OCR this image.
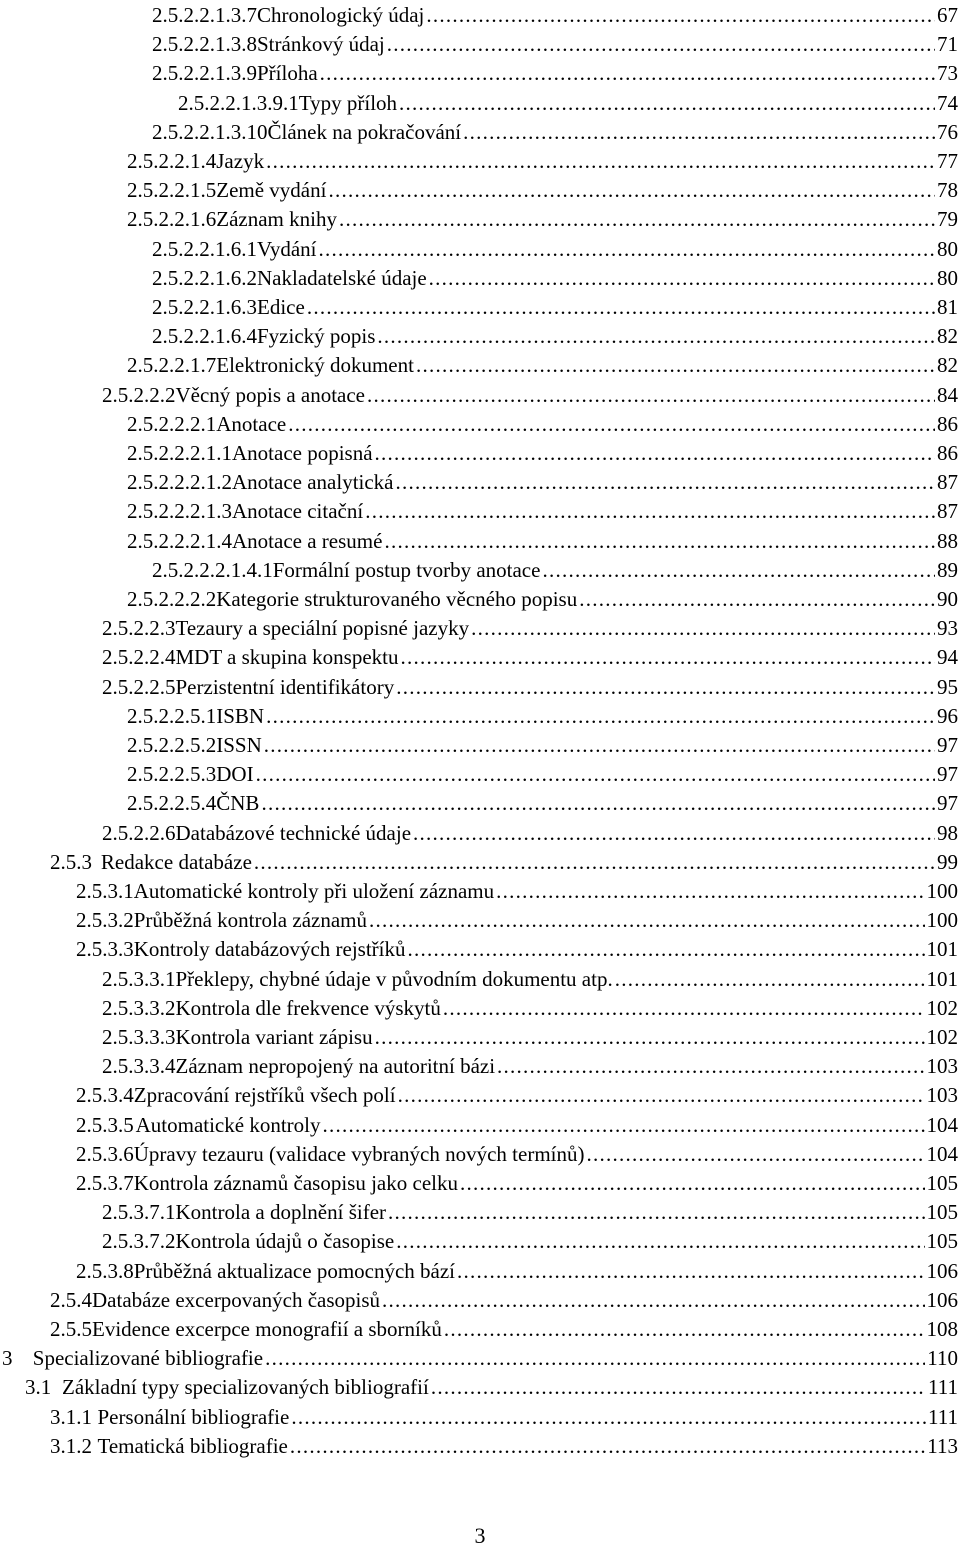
2.5.2.2.1.3.7 Chronologický údaj . . .	67
2.5.2.2.1.3.8 Stránkový údaj . . .	71
2.5.2.2.1.3.9 Příloha . . .	73
2.5.2.2.1.3.9.1 Typy příloh . . .	74
2.5.2.2.1.3.10 Článek na pokračování . . .	76
2.5.2.2.1.4 Jazyk . . .	77
2.5.2.2.1.5 Země vydání . . .	78
2.5.2.2.1.6 Záznam knihy . . .	79
2.5.2.2.1.6.1 Vydání . . .	80
2.5.2.2.1.6.2 Nakladatelské údaje . . .	80
2.5.2.2.1.6.3 Edice . . .	81
2.5.2.2.1.6.4 Fyzický popis . . .	82
2.5.2.2.1.7 Elektronický dokument . . .	82
2.5.2.2.2 Věcný popis a anotace . . .	84
2.5.2.2.2.1 Anotace . . .	86
2.5.2.2.2.1.1 Anotace popisná . . .	86
2.5.2.2.2.1.2 Anotace analytická . . .	87
2.5.2.2.2.1.3 Anotace citační . . .	87
2.5.2.2.2.1.4 Anotace a resumé . . .	88
2.5.2.2.2.1.4.1 Formální postup tvorby anotace . . .	89
2.5.2.2.2.2 Kategorie strukturovaného věcného popisu . . .	90
2.5.2.2.3 Tezaury a speciální popisné jazyky . . .	93
2.5.2.2.4 MDT a skupina konspektu . . .	94
2.5.2.2.5 Perzistentní identifikátory . . .	95
2.5.2.2.5.1 ISBN . . .	96
2.5.2.2.5.2 ISSN . . .	97
2.5.2.2.5.3 DOI . . .	97
2.5.2.2.5.4 ČNB . . .	97
2.5.2.2.6 Databázové technické údaje . . .	98
2.5.3 Redakce databáze . . .	99
2.5.3.1 Automatické kontroly při uložení záznamu . . .	100
2.5.3.2 Průběžná kontrola záznamů . . .	100
2.5.3.3 Kontroly databázových rejstříků . . .	101
2.5.3.3.1 Překlepy, chybné údaje v původním dokumentu atp. . . .	101
2.5.3.3.2 Kontrola dle frekvence výskytů . . .	102
2.5.3.3.3 Kontrola variant zápisu . . .	102
2.5.3.3.4 Záznam nepropojený na autoritní bázi . . .	103
2.5.3.4 Zpracování rejstříků všech polí . . .	103
2.5.3.5 Automatické kontroly . . .	104
2.5.3.6 Úpravy tezauru (validace vybraných nových termínů) . . .	104
2.5.3.7 Kontrola záznamů časopisu jako celku . . .	105
2.5.3.7.1 Kontrola a doplnění šifer . . .	105
2.5.3.7.2 Kontrola údajů o časopise . . .	105
2.5.3.8 Průběžná aktualizace pomocných bází . . .	106
2.5.4 Databáze excerpovaných časopisů . . .	106
2.5.5 Evidence excerpce monografií a sborníků . . .	108
3 Specializované bibliografie . . .	110
3.1 Základní typy specializovaných bibliografií . . .	111
3.1.1 Personální bibliografie . . .	111
3.1.2 Tematická bibliografie . . .	113
3
